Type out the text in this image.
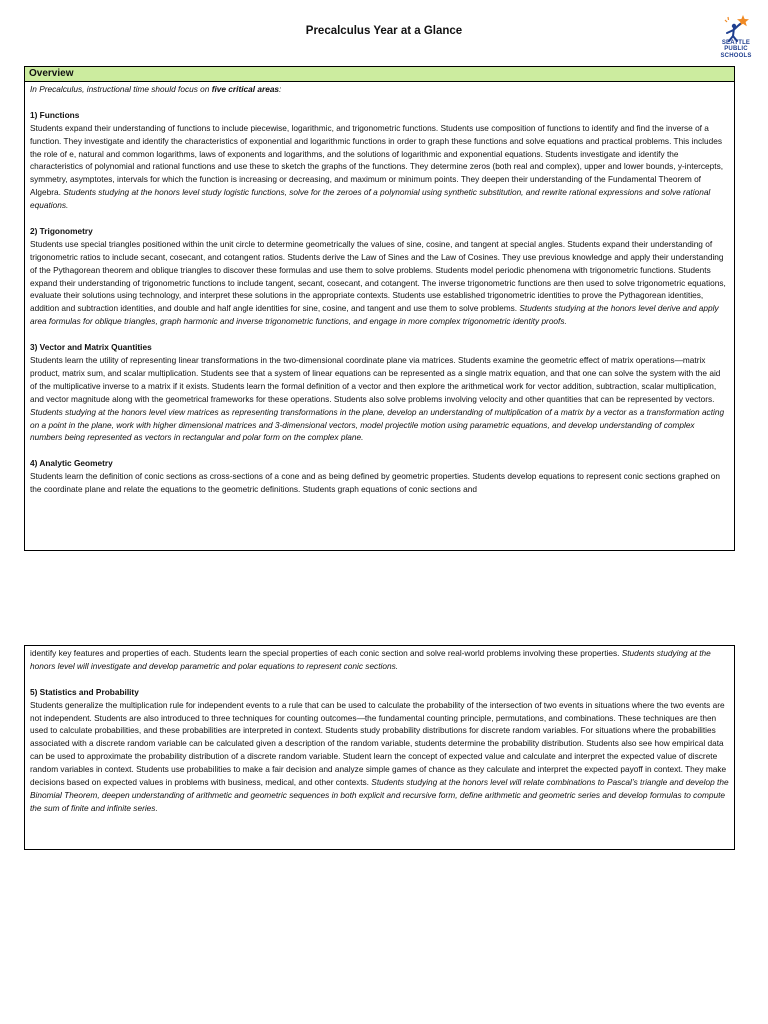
Precalculus Year at a Glance
SEATTLE
PUBLIC
SCHOOLS
Overview

In Precalculus, instructional time should focus on five critical areas:

1) Functions

Students expand their understanding of functions to include piecewise, logarithmic, and trigonometric functions. Students use composition of functions to identify and find the inverse of a function. They investigate and identify the characteristics of exponential and logarithmic functions in order to graph these functions and solve equations and practical problems. This includes the role of e, natural and common logarithms, laws of exponents and logarithms, and the solutions of logarithmic and exponential equations. Students investigate and identify the characteristics of polynomial and rational functions and use these to sketch the graphs of the functions. They determine zeros (both real and complex), upper and lower bounds, y-intercepts, symmetry, asymptotes, intervals for which the function is increasing or decreasing, and maximum or minimum points. They deepen their understanding of the Fundamental Theorem of Algebra. Students studying at the honors level study logistic functions, solve for the zeroes of a polynomial using synthetic substitution, and rewrite rational expressions and solve rational equations.

2) Trigonometry

Students use special triangles positioned within the unit circle to determine geometrically the values of sine, cosine, and tangent at special angles. Students expand their understanding of trigonometric ratios to include secant, cosecant, and cotangent ratios. Students derive the Law of Sines and the Law of Cosines. They use previous knowledge and apply their understanding of the Pythagorean theorem and oblique triangles to discover these formulas and use them to solve problems. Students model periodic phenomena with trigonometric functions. Students expand their understanding of trigonometric functions to include tangent, secant, cosecant, and cotangent. The inverse trigonometric functions are then used to solve trigonometric equations, evaluate their solutions using technology, and interpret these solutions in the appropriate contexts. Students use established trigonometric identities to prove the Pythagorean identities, addition and subtraction identities, and double and half angle identities for sine, cosine, and tangent and use them to solve problems. Students studying at the honors level derive and apply area formulas for oblique triangles, graph harmonic and inverse trigonometric functions, and engage in more complex trigonometric identity proofs.

3) Vector and Matrix Quantities

Students learn the utility of representing linear transformations in the two-dimensional coordinate plane via matrices. Students examine the geometric effect of matrix operations—matrix product, matrix sum, and scalar multiplication. Students see that a system of linear equations can be represented as a single matrix equation, and that one can solve the system with the aid of the multiplicative inverse to a matrix if it exists. Students learn the formal definition of a vector and then explore the arithmetical work for vector addition, subtraction, scalar multiplication, and vector magnitude along with the geometrical frameworks for these operations. Students also solve problems involving velocity and other quantities that can be represented by vectors. Students studying at the honors level view matrices as representing transformations in the plane, develop an understanding of multiplication of a matrix by a vector as a transformation acting on a point in the plane, work with higher dimensional matrices and 3-dimensional vectors, model projectile motion using parametric equations, and develop understanding of complex numbers being represented as vectors in rectangular and polar form on the complex plane.

4) Analytic Geometry

Students learn the definition of conic sections as cross-sections of a cone and as being defined by geometric properties. Students develop equations to represent conic sections graphed on the coordinate plane and relate the equations to the geometric definitions. Students graph equations of conic sections and

identify key features and properties of each. Students learn the special properties of each conic section and solve real-world problems involving these properties. Students studying at the honors level will investigate and develop parametric and polar equations to represent conic sections.

5) Statistics and Probability

Students generalize the multiplication rule for independent events to a rule that can be used to calculate the probability of the intersection of two events in situations where the two events are not independent. Students are also introduced to three techniques for counting outcomes—the fundamental counting principle, permutations, and combinations. These techniques are then used to calculate probabilities, and these probabilities are interpreted in context. Students study probability distributions for discrete random variables. For situations where the probabilities associated with a discrete random variable can be calculated given a description of the random variable, students determine the probability distribution. Students also see how empirical data can be used to approximate the probability distribution of a discrete random variable. Student learn the concept of expected value and calculate and interpret the expected value of discrete random variables in context. Students use probabilities to make a fair decision and analyze simple games of chance as they calculate and interpret the expected payoff in context. They make decisions based on expected values in problems with business, medical, and other contexts. Students studying at the honors level will relate combinations to Pascal’s triangle and develop the Binomial Theorem, deepen understanding of arithmetic and geometric sequences in both explicit and recursive form, define arithmetic and geometric series and develop formulas to compute the sum of finite and infinite series.
